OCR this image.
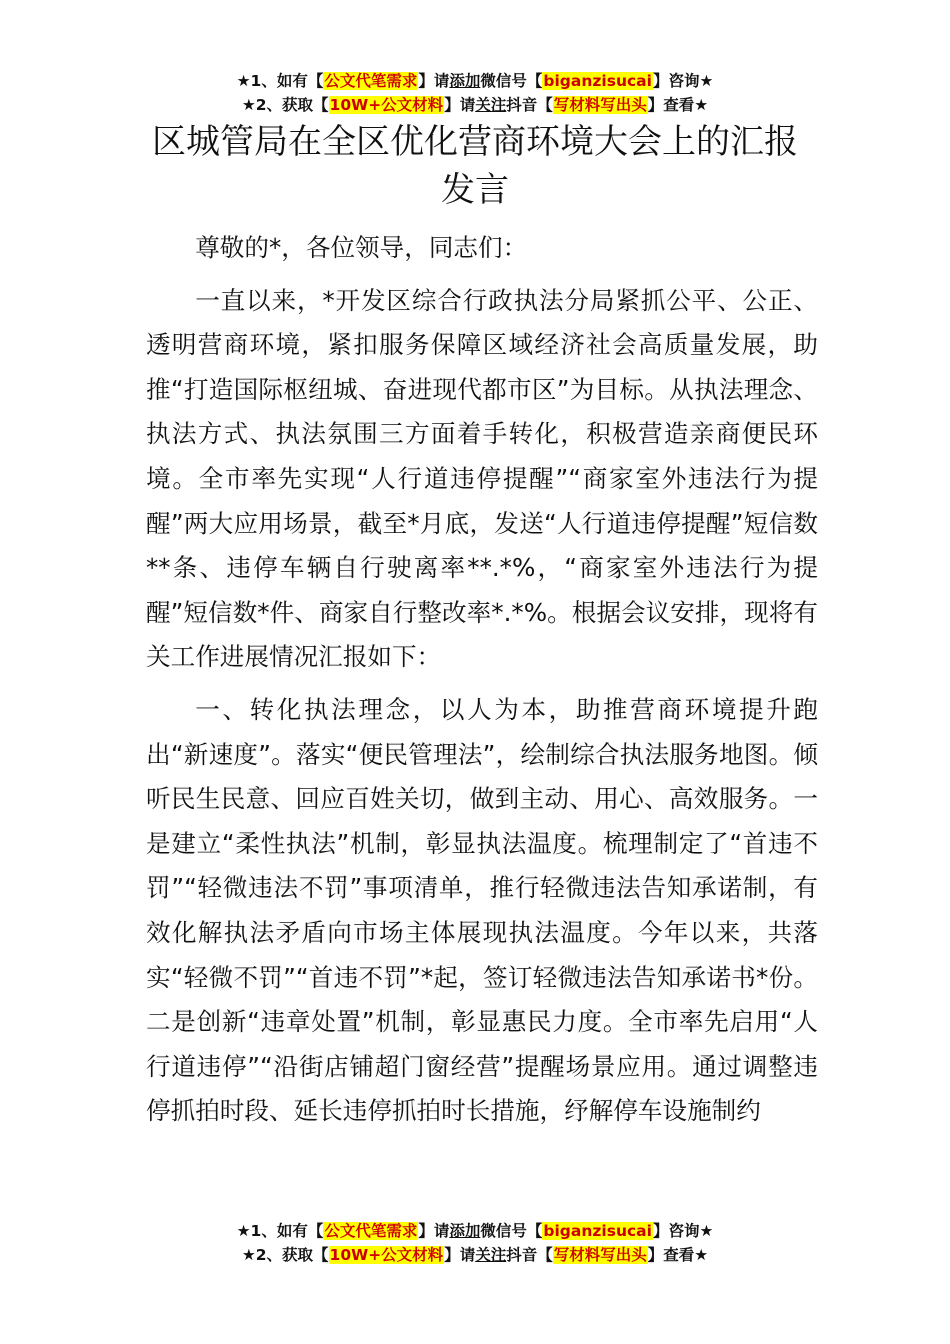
★1、如有【公文代笔需求】请添加微信号【biganzisucai】咨询★
★2、获取【10W+公文材料】请关注抖音【写材料写出头】查看★
区城管局在全区优化营商环境大会上的汇报
发言

尊敬的*，各位领导，同志们：

一直以来，*开发区综合行政执法分局紧抓公平、公正、透明营商环境，紧扣服务保障区域经济社会高质量发展，助推“打造国际枢纽城、奋进现代都市区”为目标。从执法理念、执法方式、执法氛围三方面着手转化，积极营造亲商便民环境。全市率先实现“人行道违停提醒”“商家室外违法行为提醒”两大应用场景，截至*月底，发送“人行道违停提醒”短信数**条、违停车辆自行驶离率**.*%，“商家室外违法行为提醒”短信数*件、商家自行整改率*.*%。根据会议安排，现将有关工作进展情况汇报如下：

一、转化执法理念，以人为本，助推营商环境提升跑出“新速度”。落实“便民管理法”，绘制综合执法服务地图。倾听民生民意、回应百姓关切，做到主动、用心、高效服务。一是建立“柔性执法”机制，彰显执法温度。梳理制定了“首违不罚”“轻微违法不罚”事项清单，推行轻微违法告知承诺制，有效化解执法矛盾向市场主体展现执法温度。今年以来，共落实“轻微不罚”“首违不罚”*起，签订轻微违法告知承诺书*份。二是创新“违章处置”机制，彰显惠民力度。全市率先启用“人行道违停”“沿街店铺超门窗经营”提醒场景应用。通过调整违停抓拍时段、延长违停抓拍时长措施，纾解停车设施制约

★1、如有【公文代笔需求】请添加微信号【biganzisucai】咨询★
★2、获取【10W+公文材料】请关注抖音【写材料写出头】查看★
